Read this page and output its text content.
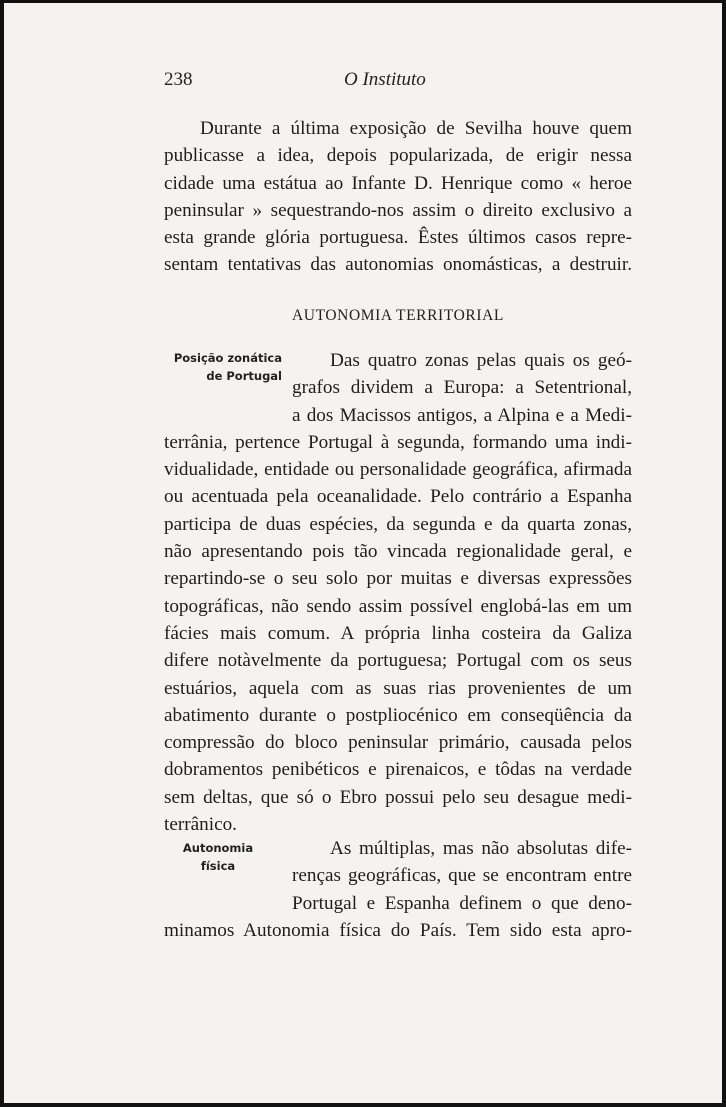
238	O Instituto
Durante a última exposição de Sevilha houve quem
publicasse a idea, depois popularizada, de erigir nessa
cidade uma estátua ao Infante D. Henrique como « heroe
peninsular » sequestrando-nos assim o direito exclusivo a
esta grande glória portuguesa. Êstes últimos casos repre-
sentam tentativas das autonomias onomásticas, a destruir.
AUTONOMIA TERRITORIAL
Posição zonática
de Portugal
Das quatro zonas pelas quais os geó-
grafos dividem a Europa: a Setentrional,
a dos Macissos antigos, a Alpina e a Medi-
terrânia, pertence Portugal à segunda, formando uma indi-
vidualidade, entidade ou personalidade geográfica, afirmada
ou acentuada pela oceanalidade. Pelo contrário a Espanha
participa de duas espécies, da segunda e da quarta zonas,
não apresentando pois tão vincada regionalidade geral, e
repartindo-se o seu solo por muitas e diversas expressões
topográficas, não sendo assim possível englobá-las em um
fácies mais comum. A própria linha costeira da Galiza
difere notàvelmente da portuguesa; Portugal com os seus
estuários, aquela com as suas rias provenientes de um
abatimento durante o postpliocénico em conseqüência da
compressão do bloco peninsular primário, causada pelos
dobramentos penibéticos e pirenaicos, e tôdas na verdade
sem deltas, que só o Ebro possui pelo seu desague medi-
terrânico.
Autonomia
física
As múltiplas, mas não absolutas dife-
renças geográficas, que se encontram entre
Portugal e Espanha definem o que deno-
minamos Autonomia física do País. Tem sido esta apro-
